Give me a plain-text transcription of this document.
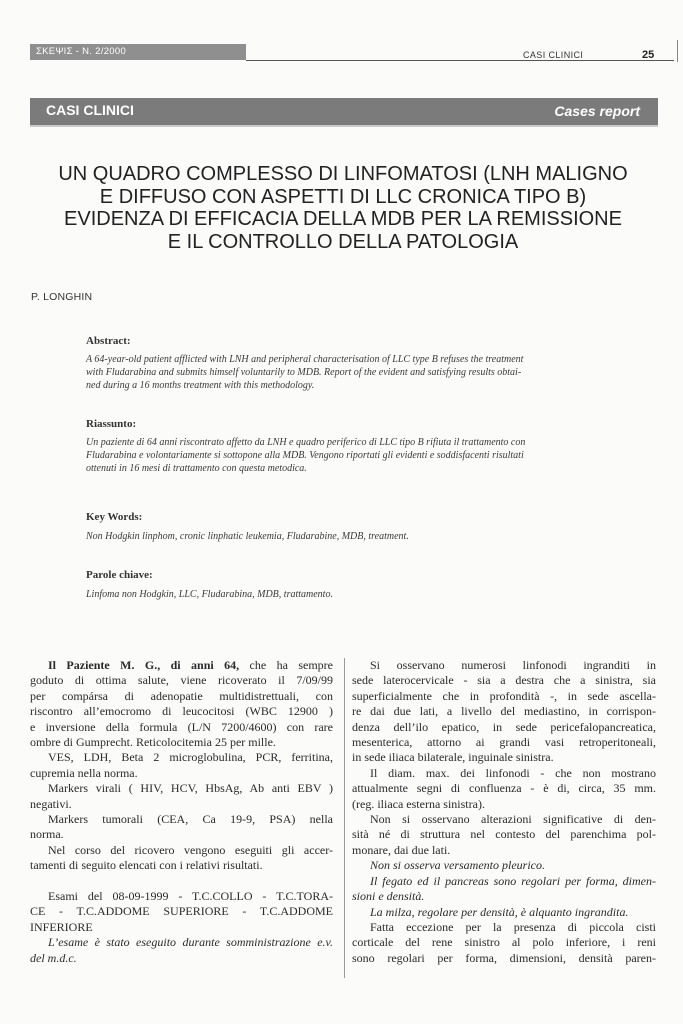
ΣΚΕΨΙΣ - N. 2/2000	CASI CLINICI	25
CASI CLINICI	Cases report
UN QUADRO COMPLESSO DI LINFOMATOSI (LNH MALIGNO
E DIFFUSO CON ASPETTI DI LLC CRONICA TIPO B)
EVIDENZA DI EFFICACIA DELLA MDB PER LA REMISSIONE
E IL CONTROLLO DELLA PATOLOGIA
P. LONGHIN
Abstract:
A 64-year-old patient afflicted with LNH and peripheral characterisation of LLC type B refuses the treatment
with Fludarabina and submits himself voluntarily to MDB. Report of the evident and satisfying results obtai-
ned during a 16 months treatment with this methodology.
Riassunto:
Un paziente di 64 anni riscontrato affetto da LNH e quadro periferico di LLC tipo B rifiuta il trattamento con
Fludarabina e volontariamente si sottopone alla MDB. Vengono riportati gli evidenti e soddisfacenti risultati
ottenuti in 16 mesi di trattamento con questa metodica.
Key Words:
Non Hodgkin linphom, cronic linphatic leukemia, Fludarabine, MDB, treatment.
Parole chiave:
Linfoma non Hodgkin, LLC, Fludarabina, MDB, trattamento.
Il Paziente M. G., di anni 64, che ha sempre
goduto di ottima salute, viene ricoverato il 7/09/99
per compársa di adenopatie multidistrettuali, con
riscontro all’emocromo di leucocitosi (WBC 12900 )
e inversione della formula (L/N 7200/4600) con rare
ombre di Gumprecht. Reticolocitemia 25 per mille.
VES, LDH, Beta 2 microglobulina, PCR, ferritina,
cupremia nella norma.
Markers virali ( HIV, HCV, HbsAg, Ab anti EBV )
negativi.
Markers tumorali (CEA, Ca 19-9, PSA) nella
norma.
Nel corso del ricovero vengono eseguiti gli accer-
tamenti di seguito elencati con i relativi risultati.
Esami del 08-09-1999 - T.C.COLLO - T.C.TORA-
CE - T.C.ADDOME SUPERIORE - T.C.ADDOME
INFERIORE
L’esame è stato eseguito durante somministrazione e.v.
del m.d.c.
Si osservano numerosi linfonodi ingranditi in
sede laterocervicale - sia a destra che a sinistra, sia
superficialmente che in profondità -, in sede ascella-
re dai due lati, a livello del mediastino, in corrispon-
denza dell’ilo epatico, in sede pericefalopancreatica,
mesenterica, attorno ai grandi vasi retroperitoneali,
in sede iliaca bilaterale, inguinale sinistra.
Il diam. max. dei linfonodi - che non mostrano
attualmente segni di confluenza - è di, circa, 35 mm.
(reg. iliaca esterna sinistra).
Non si osservano alterazioni significative di den-
sità né di struttura nel contesto del parenchima pol-
monare, dai due lati.
Non si osserva versamento pleurico.
Il fegato ed il pancreas sono regolari per forma, dimen-
sioni e densità.
La milza, regolare per densità, è alquanto ingrandita.
Fatta eccezione per la presenza di piccola cisti
corticale del rene sinistro al polo inferiore, i reni
sono regolari per forma, dimensioni, densità paren-
